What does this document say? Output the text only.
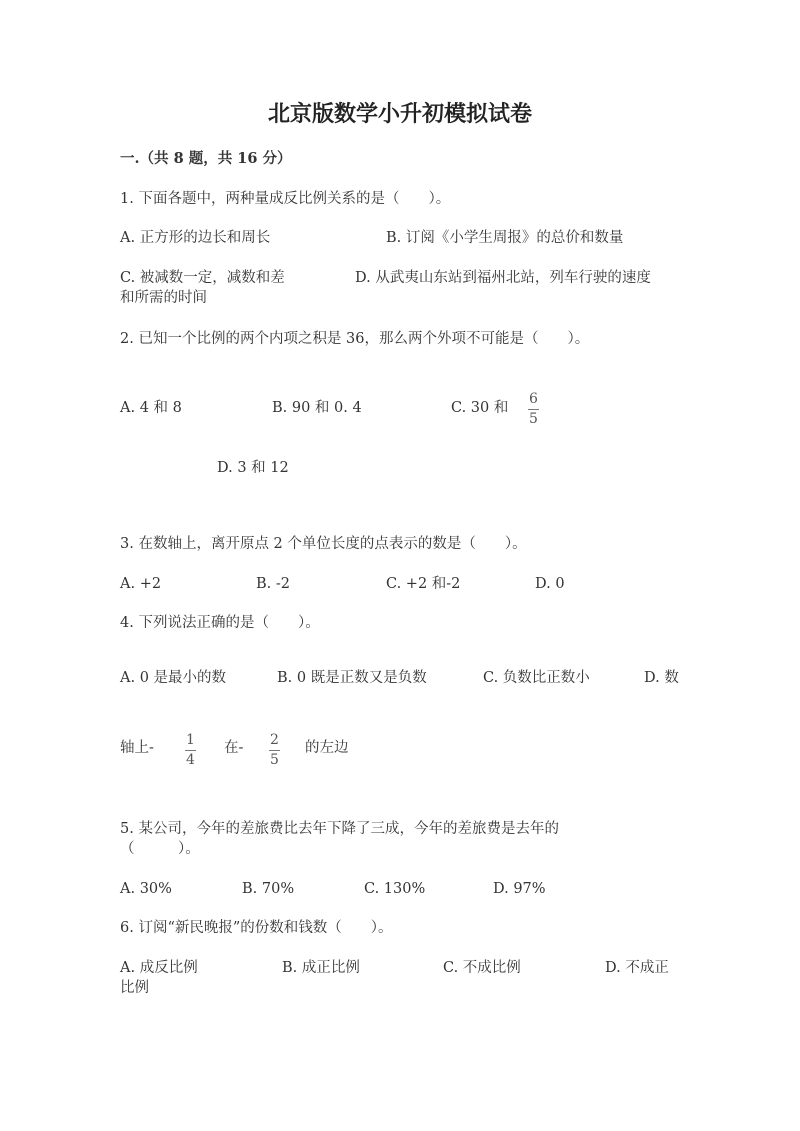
北京版数学小升初模拟试卷
一.（共 8 题，共 16 分）
1. 下面各题中，两种量成反比例关系的是（　　）。
A. 正方形的边长和周长	B. 订阅《小学生周报》的总价和数量
C. 被减数一定，减数和差	D. 从武夷山东站到福州北站，列车行驶的速度
和所需的时间
2. 已知一个比例的两个内项之积是 36，那么两个外项不可能是（　　）。
A. 4 和 8	B. 90 和 0. 4	C. 30 和
6
5
D. 3 和 12
3. 在数轴上，离开原点 2 个单位长度的点表示的数是（　　）。
A. +2	B. -2	C. +2 和-2	D. 0
4. 下列说法正确的是（　　）。
A. 0 是最小的数	B. 0 既是正数又是负数	C. 负数比正数小	D. 数
轴上- 1
4
在- 2
5
的左边
5. 某公司，今年的差旅费比去年下降了三成，今年的差旅费是去年的
（　　　）。
A. 30%	B. 70%	C. 130%	D. 97%
6. 订阅“新民晚报”的份数和钱数（　　）。
A. 成反比例	B. 成正比例	C. 不成比例	D. 不成正
比例
